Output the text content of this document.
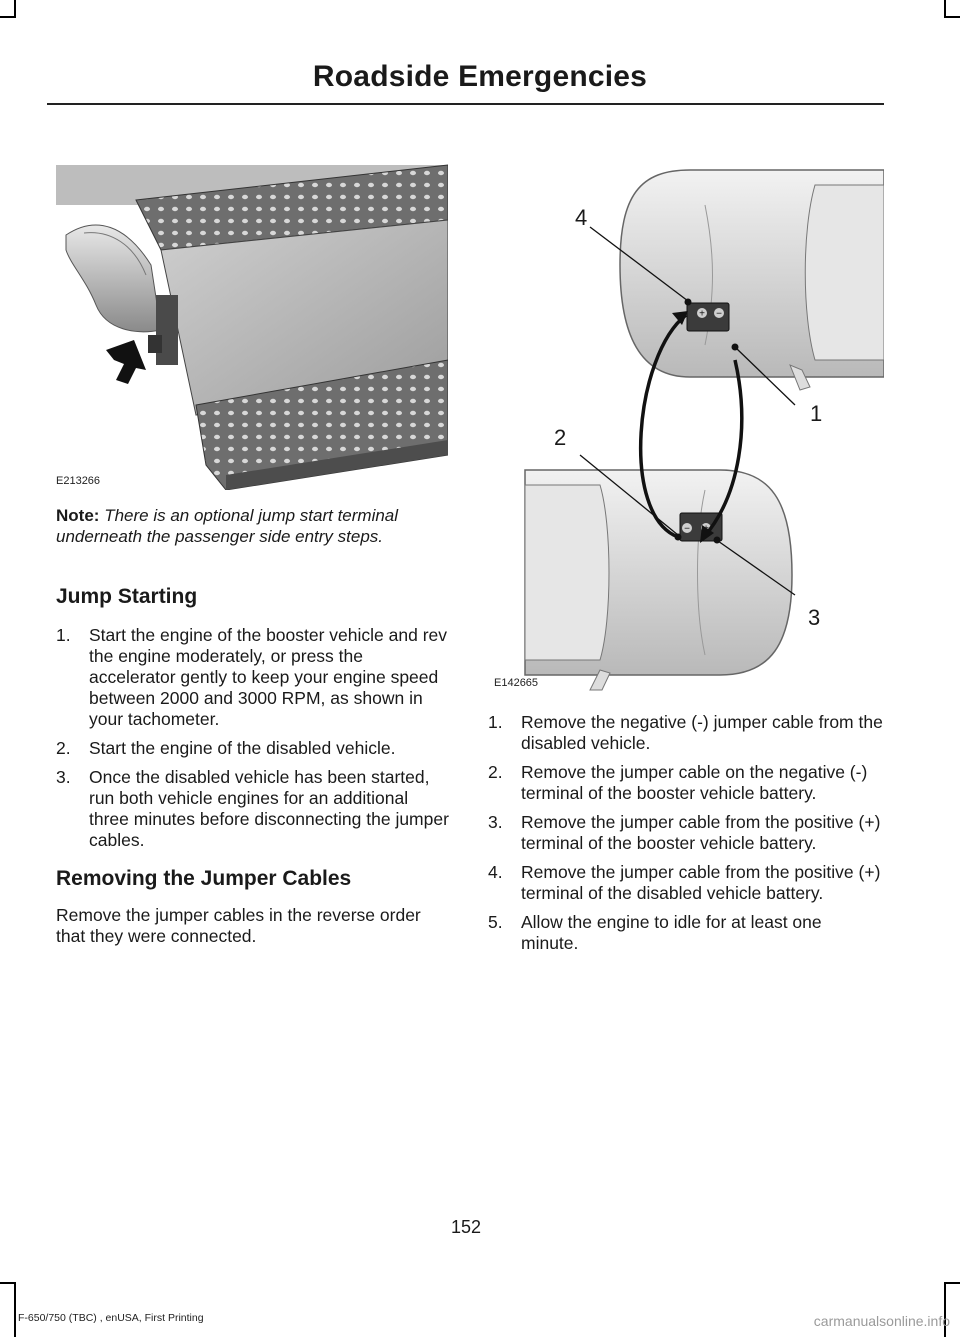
Roadside Emergencies
E213266
Note: There is an optional jump start terminal underneath the passenger side entry steps.
Jump Starting
1. Start the engine of the booster vehicle and rev the engine moderately, or press the accelerator gently to keep your engine speed between 2000 and 3000 RPM, as shown in your tachometer.
2. Start the engine of the disabled vehicle.
3. Once the disabled vehicle has been started, run both vehicle engines for an additional three minutes before disconnecting the jumper cables.
Removing the Jumper Cables
Remove the jumper cables in the reverse order that they were connected.
+ −
−
4
1
2
3
E142665
1. Remove the negative (-) jumper cable from the disabled vehicle.
2. Remove the jumper cable on the negative (-) terminal of the booster vehicle battery.
3. Remove the jumper cable from the positive (+) terminal of the booster vehicle battery.
4. Remove the jumper cable from the positive (+) terminal of the disabled vehicle battery.
5. Allow the engine to idle for at least one minute.
152
F-650/750 (TBC) , enUSA, First Printing	carmanualsonline.info
